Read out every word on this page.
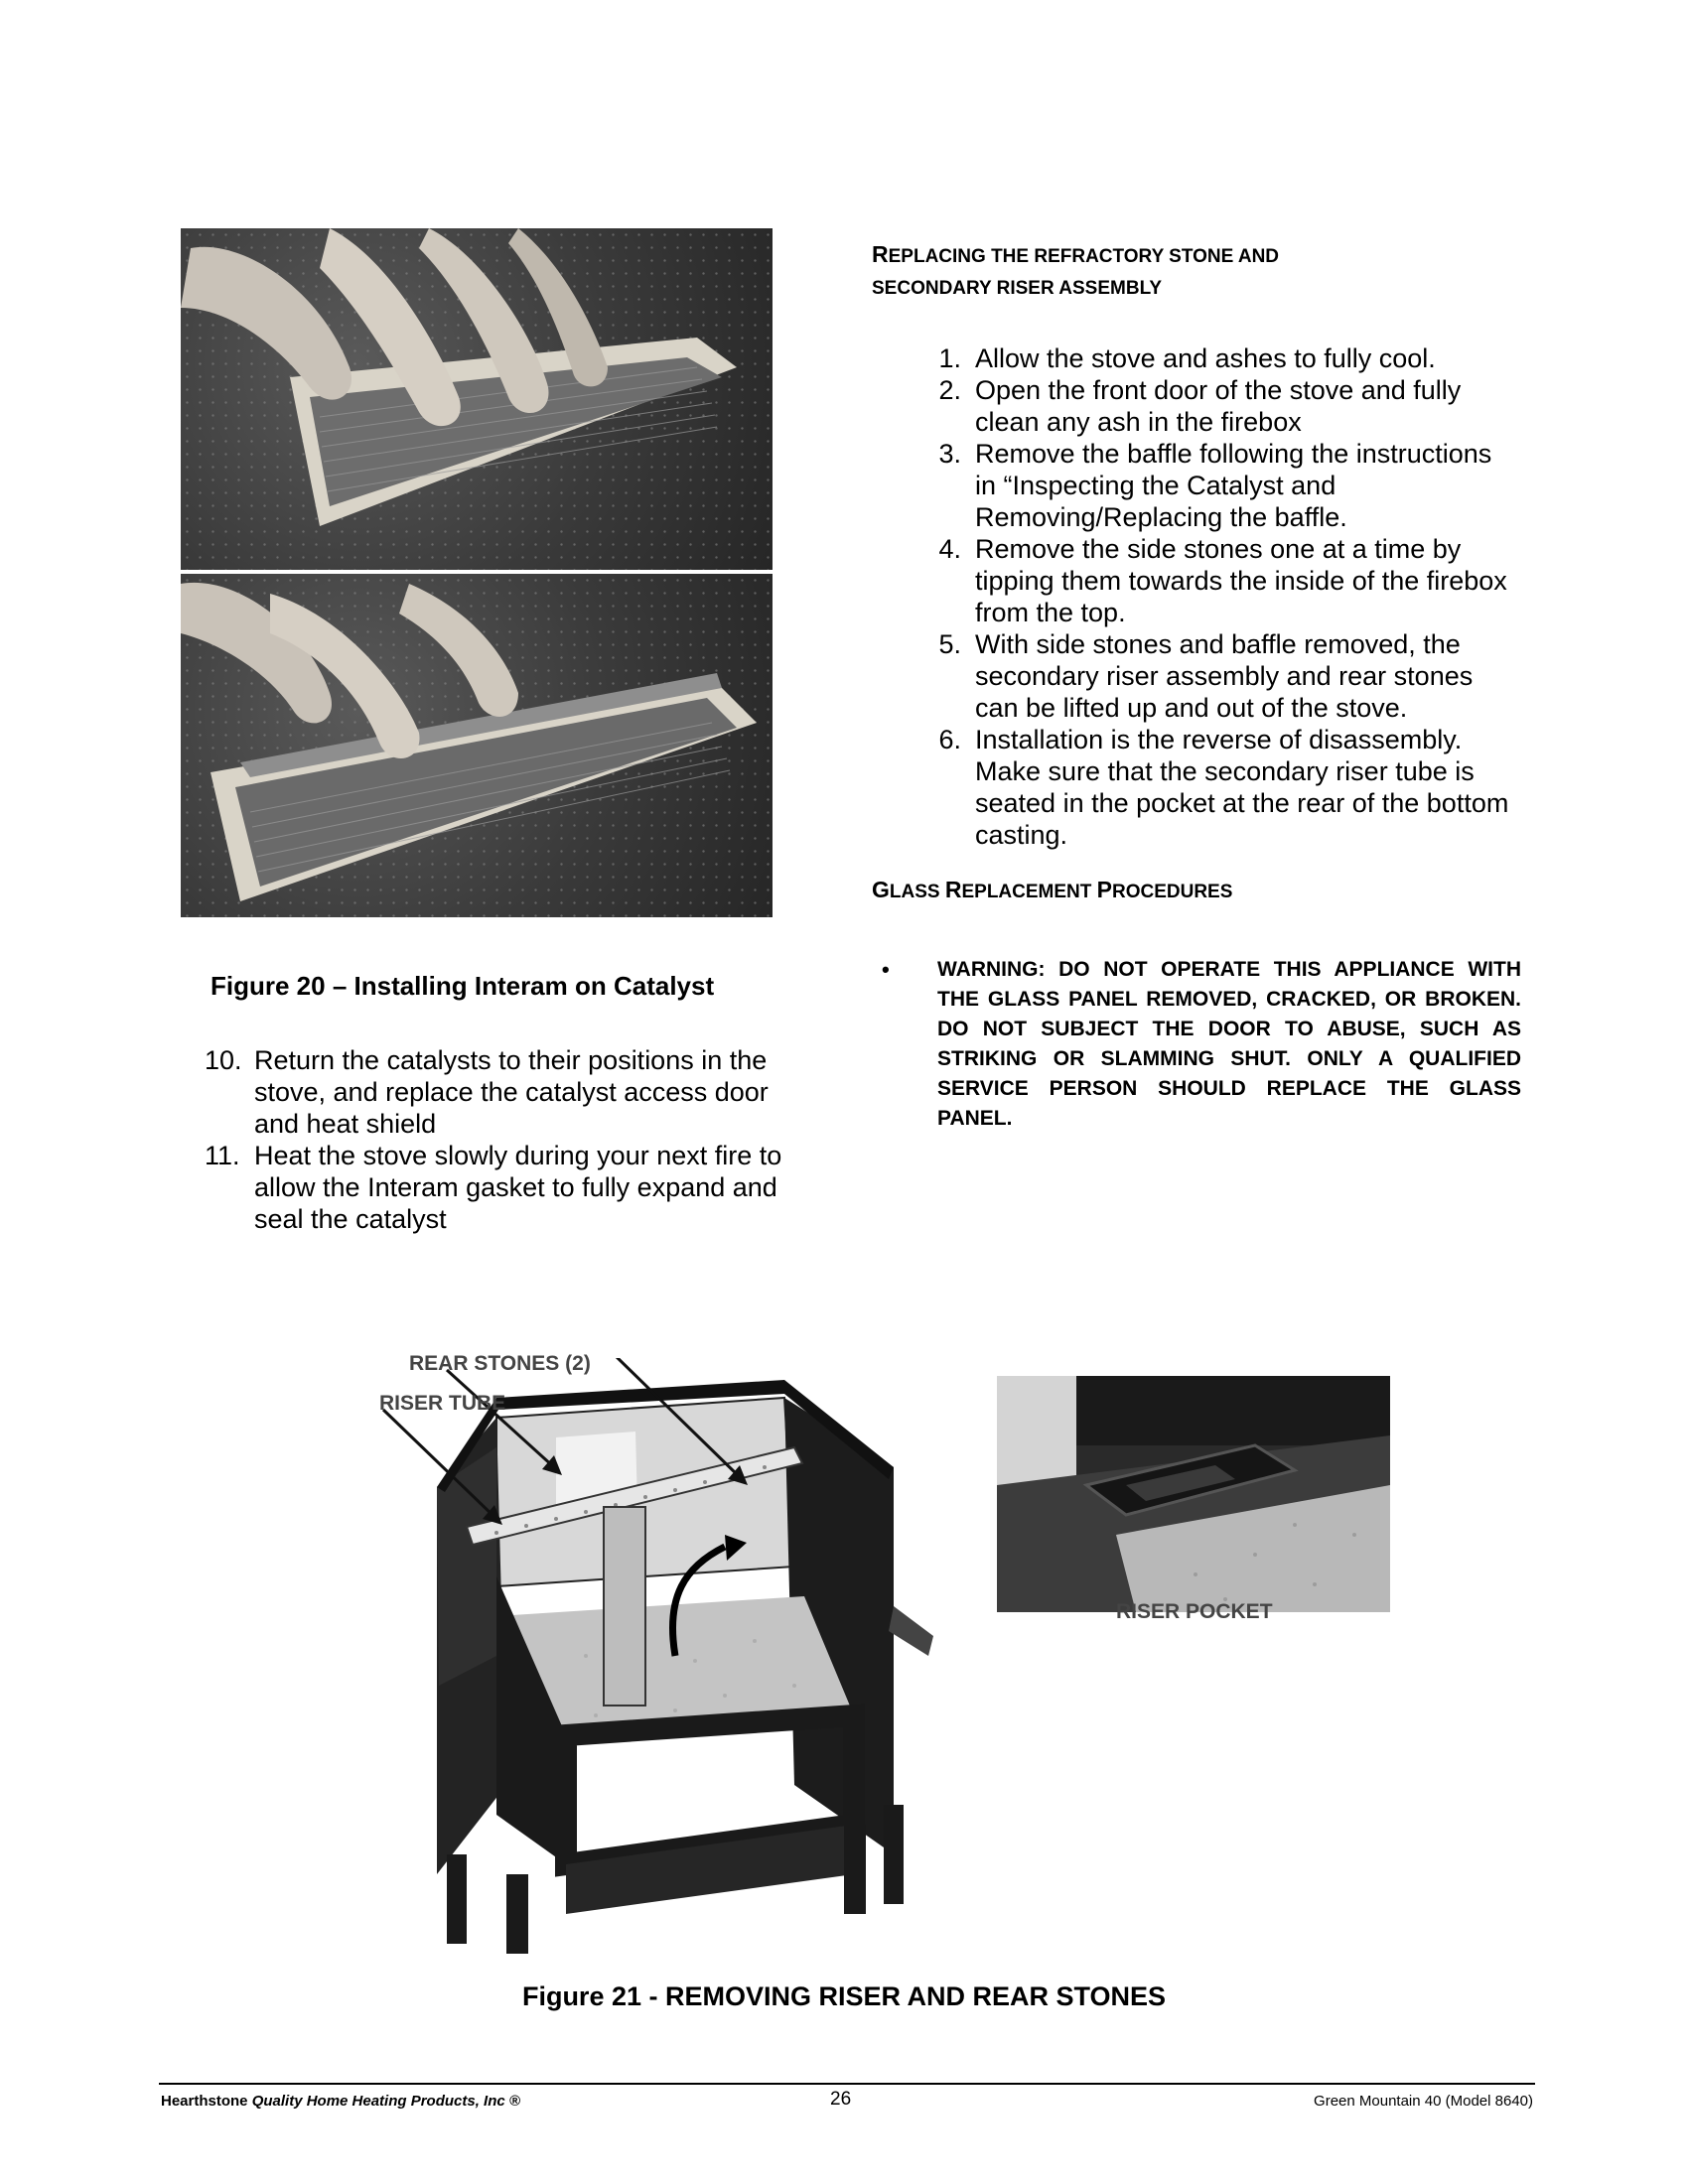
Figure 20 – Installing Interam on Catalyst
10. Return the catalysts to their positions in the stove, and replace the catalyst access door and heat shield
11. Heat the stove slowly during your next fire to allow the Interam gasket to fully expand and seal the catalyst
REPLACING THE REFRACTORY STONE AND
SECONDARY RISER ASSEMBLY
1. Allow the stove and ashes to fully cool.
2. Open the front door of the stove and fully clean any ash in the firebox
3. Remove the baffle following the instructions in “Inspecting the Catalyst and Removing/Replacing the baffle.
4. Remove the side stones one at a time by tipping them towards the inside of the firebox from the top.
5. With side stones and baffle removed, the secondary riser assembly and rear stones can be lifted up and out of the stove.
6. Installation is the reverse of disassembly. Make sure that the secondary riser tube is seated in the pocket at the rear of the bottom casting.
GLASS REPLACEMENT PROCEDURES
•	WARNING: DO NOT OPERATE THIS APPLIANCE WITH THE GLASS PANEL REMOVED, CRACKED, OR BROKEN. DO NOT SUBJECT THE DOOR TO ABUSE, SUCH AS STRIKING OR SLAMMING SHUT. ONLY A QUALIFIED SERVICE PERSON SHOULD REPLACE THE GLASS PANEL.
REAR STONES (2)
RISER TUBE
RISER POCKET
Figure 21 - REMOVING RISER AND REAR STONES
Hearthstone Quality Home Heating Products, Inc ®	26	Green Mountain 40 (Model 8640)
